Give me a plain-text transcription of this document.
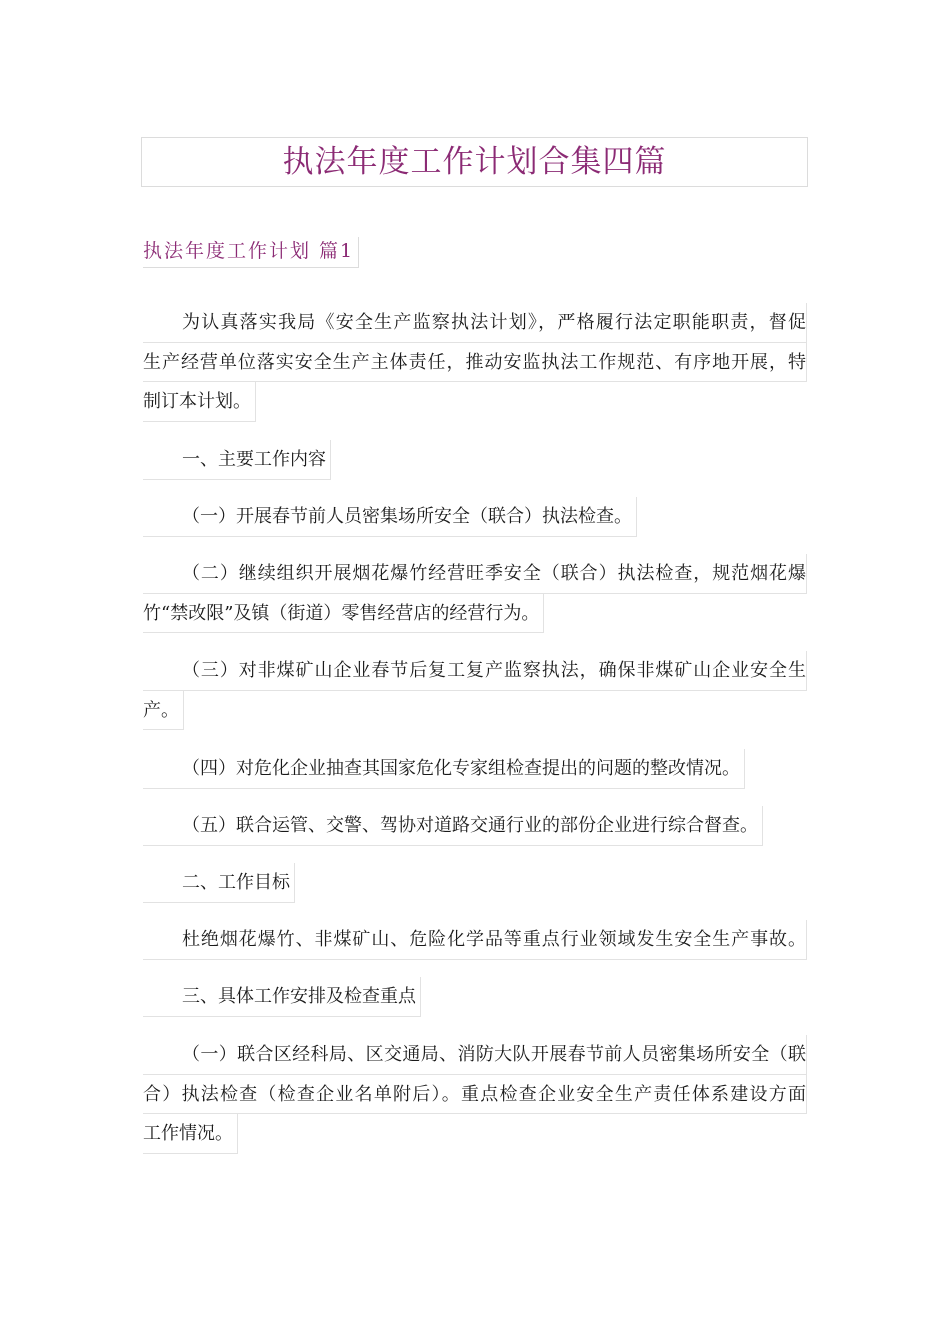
执法年度工作计划合集四篇
执法年度工作计划 篇1
为认真落实我局《安全生产监察执法计划》，严格履行法定职能职责，督促
生产经营单位落实安全生产主体责任，推动安监执法工作规范、有序地开展，特
制订本计划。
一、主要工作内容
（一）开展春节前人员密集场所安全（联合）执法检查。
（二）继续组织开展烟花爆竹经营旺季安全（联合）执法检查，规范烟花爆
竹“禁改限”及镇（街道）零售经营店的经营行为。
（三）对非煤矿山企业春节后复工复产监察执法，确保非煤矿山企业安全生
产。
（四）对危化企业抽查其国家危化专家组检查提出的问题的整改情况。
（五）联合运管、交警、驾协对道路交通行业的部份企业进行综合督查。
二、工作目标
杜绝烟花爆竹、非煤矿山、危险化学品等重点行业领域发生安全生产事故。
三、具体工作安排及检查重点
（一）联合区经科局、区交通局、消防大队开展春节前人员密集场所安全（联
合）执法检查（检查企业名单附后）。重点检查企业安全生产责任体系建设方面
工作情况。
